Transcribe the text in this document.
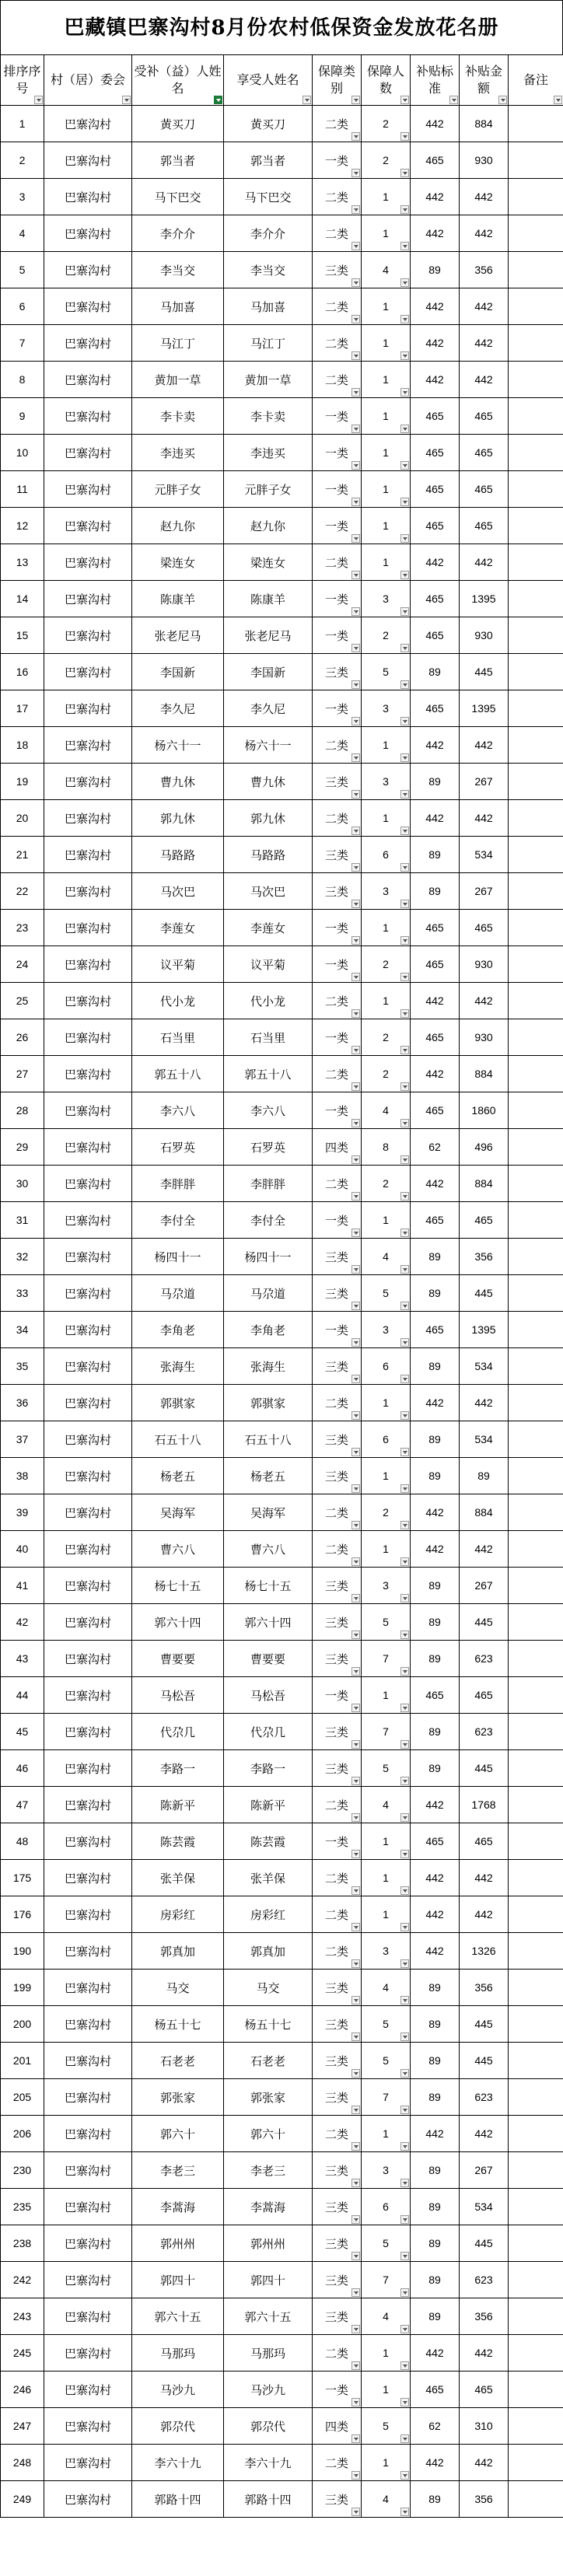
巴藏镇巴寨沟村8月份农村低保资金发放花名册
排序序号	村（居）委会	受补（益）人姓名	享受人姓名	保障类别	保障人数	补贴标准	补贴金额	备注

1	巴寨沟村	黄买刀	黄买刀	二类	2	442	884	
2	巴寨沟村	郭当者	郭当者	一类	2	465	930	
3	巴寨沟村	马下巴交	马下巴交	二类	1	442	442	
4	巴寨沟村	李介介	李介介	二类	1	442	442	
5	巴寨沟村	李当交	李当交	三类	4	89	356	
6	巴寨沟村	马加喜	马加喜	二类	1	442	442	
7	巴寨沟村	马江丁	马江丁	二类	1	442	442	
8	巴寨沟村	黄加一草	黄加一草	二类	1	442	442	
9	巴寨沟村	李卡卖	李卡卖	一类	1	465	465	
10	巴寨沟村	李违买	李违买	一类	1	465	465	
11	巴寨沟村	元胖子女	元胖子女	一类	1	465	465	
12	巴寨沟村	赵九你	赵九你	一类	1	465	465	
13	巴寨沟村	梁连女	梁连女	二类	1	442	442	
14	巴寨沟村	陈康羊	陈康羊	一类	3	465	1395	
15	巴寨沟村	张老尼马	张老尼马	一类	2	465	930	
16	巴寨沟村	李国新	李国新	三类	5	89	445	
17	巴寨沟村	李久尼	李久尼	一类	3	465	1395	
18	巴寨沟村	杨六十一	杨六十一	二类	1	442	442	
19	巴寨沟村	曹九休	曹九休	三类	3	89	267	
20	巴寨沟村	郭九休	郭九休	二类	1	442	442	
21	巴寨沟村	马路路	马路路	三类	6	89	534	
22	巴寨沟村	马次巴	马次巴	三类	3	89	267	
23	巴寨沟村	李莲女	李莲女	一类	1	465	465	
24	巴寨沟村	议平菊	议平菊	一类	2	465	930	
25	巴寨沟村	代小龙	代小龙	二类	1	442	442	
26	巴寨沟村	石当里	石当里	一类	2	465	930	
27	巴寨沟村	郭五十八	郭五十八	二类	2	442	884	
28	巴寨沟村	李六八	李六八	一类	4	465	1860	
29	巴寨沟村	石罗英	石罗英	四类	8	62	496	
30	巴寨沟村	李胖胖	李胖胖	二类	2	442	884	
31	巴寨沟村	李付全	李付全	一类	1	465	465	
32	巴寨沟村	杨四十一	杨四十一	三类	4	89	356	
33	巴寨沟村	马尕道	马尕道	三类	5	89	445	
34	巴寨沟村	李角老	李角老	一类	3	465	1395	
35	巴寨沟村	张海生	张海生	三类	6	89	534	
36	巴寨沟村	郭骐家	郭骐家	二类	1	442	442	
37	巴寨沟村	石五十八	石五十八	三类	6	89	534	
38	巴寨沟村	杨老五	杨老五	三类	1	89	89	
39	巴寨沟村	吴海军	吴海军	二类	2	442	884	
40	巴寨沟村	曹六八	曹六八	二类	1	442	442	
41	巴寨沟村	杨七十五	杨七十五	三类	3	89	267	
42	巴寨沟村	郭六十四	郭六十四	三类	5	89	445	
43	巴寨沟村	曹要要	曹要要	三类	7	89	623	
44	巴寨沟村	马松吾	马松吾	一类	1	465	465	
45	巴寨沟村	代尕几	代尕几	三类	7	89	623	
46	巴寨沟村	李路一	李路一	三类	5	89	445	
47	巴寨沟村	陈新平	陈新平	二类	4	442	1768	
48	巴寨沟村	陈芸霞	陈芸霞	一类	1	465	465	
175	巴寨沟村	张羊保	张羊保	二类	1	442	442	
176	巴寨沟村	房彩红	房彩红	二类	1	442	442	
190	巴寨沟村	郭真加	郭真加	二类	3	442	1326	
199	巴寨沟村	马交	马交	三类	4	89	356	
200	巴寨沟村	杨五十七	杨五十七	三类	5	89	445	
201	巴寨沟村	石老老	石老老	三类	5	89	445	
205	巴寨沟村	郭张家	郭张家	三类	7	89	623	
206	巴寨沟村	郭六十	郭六十	二类	1	442	442	
230	巴寨沟村	李老三	李老三	三类	3	89	267	
235	巴寨沟村	李蒿海	李蒿海	三类	6	89	534	
238	巴寨沟村	郭州州	郭州州	三类	5	89	445	
242	巴寨沟村	郭四十	郭四十	三类	7	89	623	
243	巴寨沟村	郭六十五	郭六十五	三类	4	89	356	
245	巴寨沟村	马那玛	马那玛	二类	1	442	442	
246	巴寨沟村	马沙九	马沙九	一类	1	465	465	
247	巴寨沟村	郭尕代	郭尕代	四类	5	62	310	
248	巴寨沟村	李六十九	李六十九	二类	1	442	442	
249	巴寨沟村	郭路十四	郭路十四	三类	4	89	356	
